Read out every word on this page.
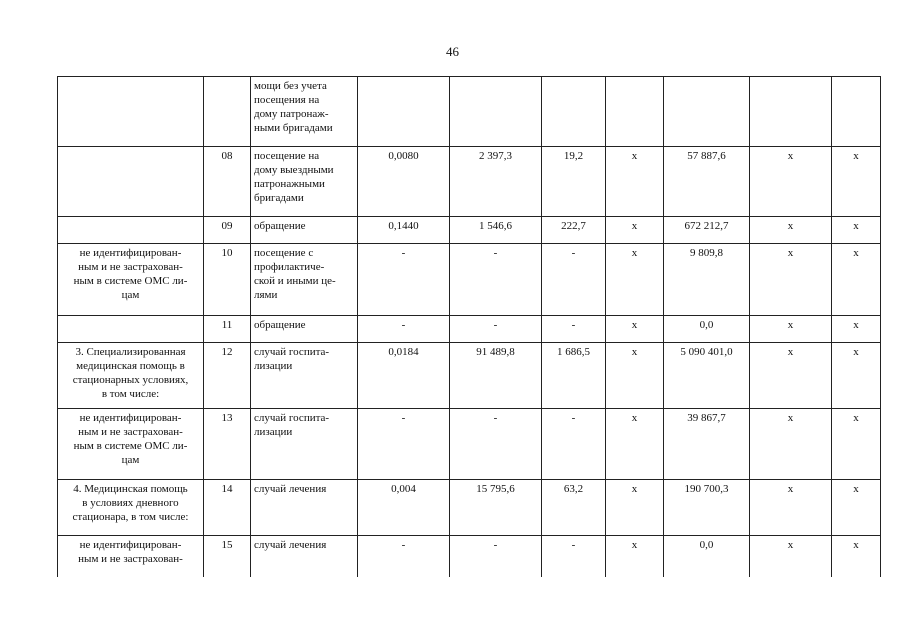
46

		мощи без учета
посещения на
дому патронаж-
ными бригадами							

	08	посещение на
дому выездными
патронажными
бригадами	0,0080	2 397,3	19,2	х	57 887,6	х	х
	09	обращение	0,1440	1 546,6	222,7	х	672 212,7	х	х

не идентифицирован-
ным и не застрахован-
ным в системе ОМС ли-
цам	10	посещение с
профилактиче-
ской и иными це-
лями	-	-	-	х	9 809,8	х	х
	11	обращение	-	-	-	х	0,0	х	х

3. Специализированная
медицинская помощь в
стационарных условиях,
в том числе:	12	случай госпита-
лизации	0,0184	91 489,8	1 686,5	х	5 090 401,0	х	х

не идентифицирован-
ным и не застрахован-
ным в системе ОМС ли-
цам	13	случай госпита-
лизации	-	-	-	х	39 867,7	х	х

4. Медицинская помощь
в условиях дневного
стационара, в том числе:	14	случай лечения	0,004	15 795,6	63,2	х	190 700,3	х	х

не идентифицирован-
ным и не застрахован-	15	случай лечения	-	-	-	х	0,0	х	х
